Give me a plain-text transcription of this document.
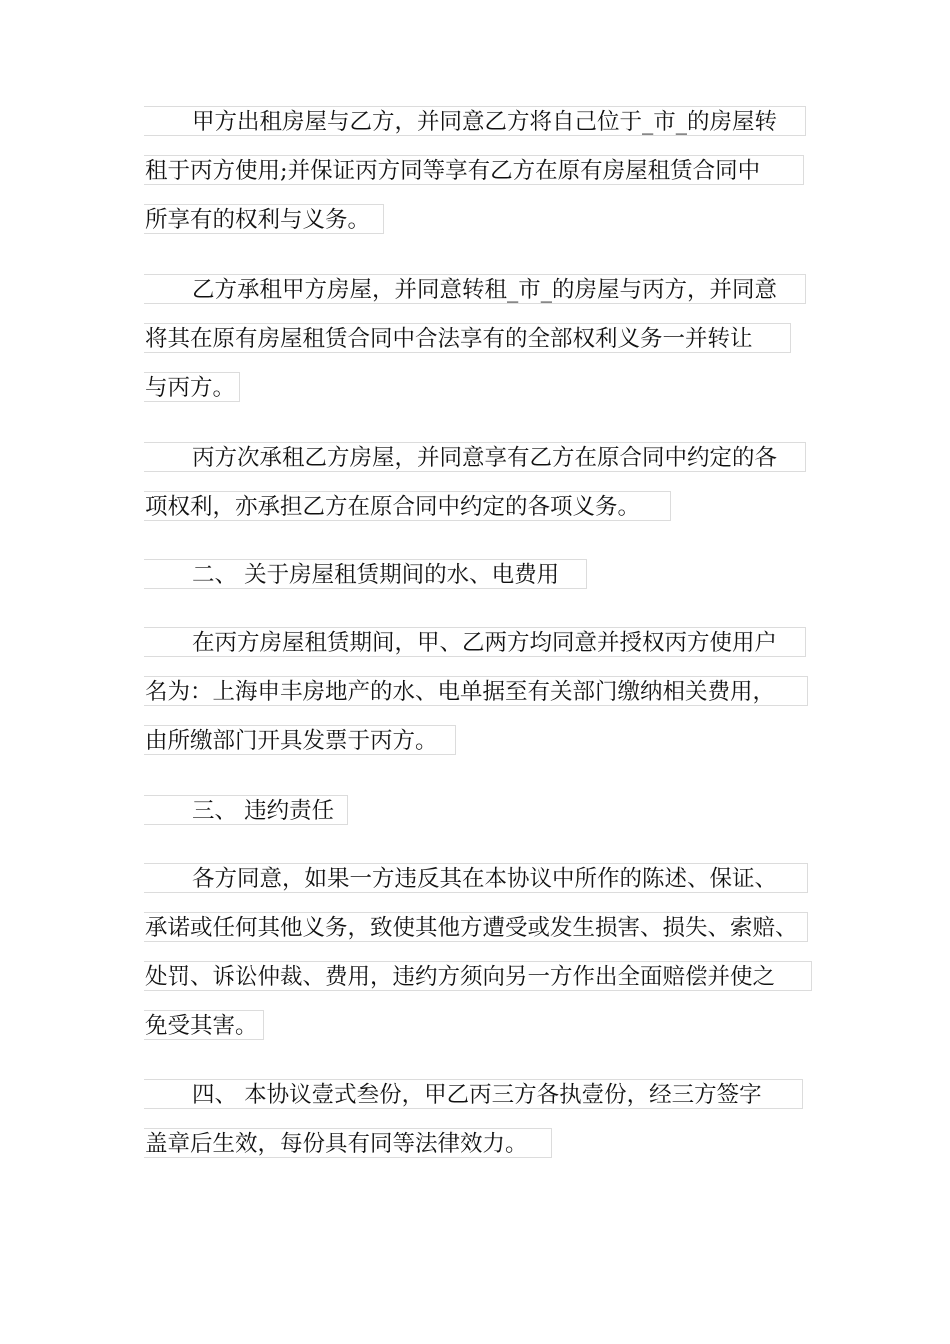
甲方出租房屋与乙方，并同意乙方将自己位于_市_的房屋转
租于丙方使用;并保证丙方同等享有乙方在原有房屋租赁合同中
所享有的权利与义务。
乙方承租甲方房屋，并同意转租_市_的房屋与丙方，并同意
将其在原有房屋租赁合同中合法享有的全部权利义务一并转让
与丙方。
丙方次承租乙方房屋，并同意享有乙方在原合同中约定的各
项权利，亦承担乙方在原合同中约定的各项义务。
二、 关于房屋租赁期间的水、电费用
在丙方房屋租赁期间，甲、乙两方均同意并授权丙方使用户
名为：上海申丰房地产的水、电单据至有关部门缴纳相关费用，
由所缴部门开具发票于丙方。
三、 违约责任
各方同意，如果一方违反其在本协议中所作的陈述、保证、
承诺或任何其他义务，致使其他方遭受或发生损害、损失、索赔、
处罚、诉讼仲裁、费用，违约方须向另一方作出全面赔偿并使之
免受其害。
四、 本协议壹式叁份，甲乙丙三方各执壹份，经三方签字
盖章后生效，每份具有同等法律效力。
